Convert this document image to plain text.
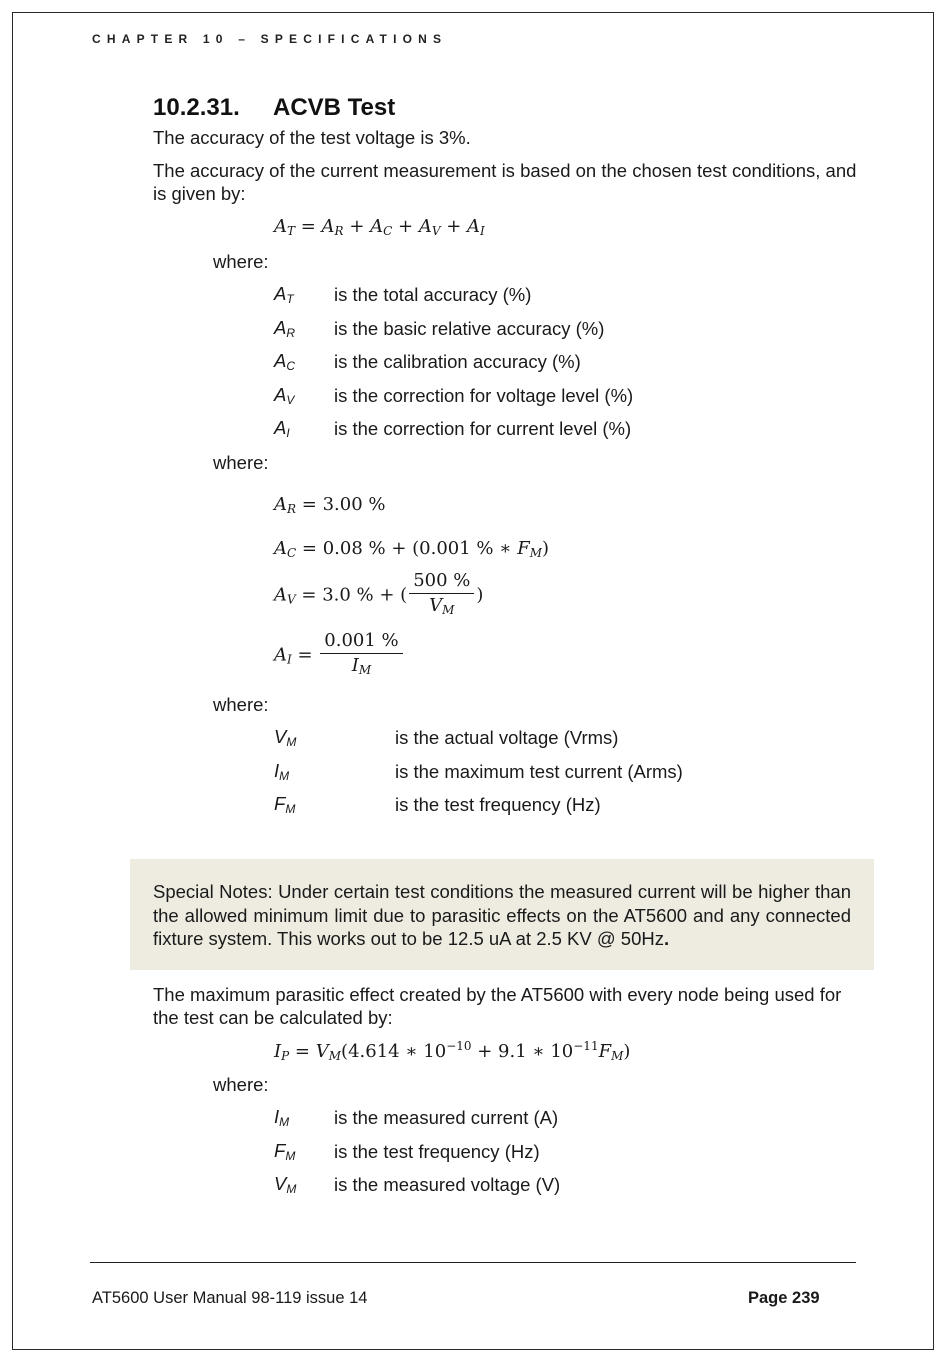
CHAPTER 10 – SPECIFICATIONS
10.2.31. ACVB Test
The accuracy of the test voltage is 3%.
The accuracy of the current measurement is based on the chosen test conditions, and is given by:
$A_T = A_R + A_C + A_V + A_I$
where:
$A_T$ is the total accuracy (%)
$A_R$ is the basic relative accuracy (%)
$A_C$ is the calibration accuracy (%)
$A_V$ is the correction for voltage level (%)
$A_I$ is the correction for current level (%)
where:
$A_R = 3.00$ %
$A_C = 0.08$ % + (0.001 % ∗ $F_M$)
$A_V = 3.0$ % + ( $\frac{500 \%}{V_M}$ )
$A_I = \frac{0.001 \%}{I_M}$
where:
$V_M$	is the actual voltage (Vrms)
$I_M$	is the maximum test current (Arms)
$F_M$	is the test frequency (Hz)
Special Notes: Under certain test conditions the measured current will be higher than the allowed minimum limit due to parasitic effects on the AT5600 and any connected fixture system. This works out to be 12.5 uA at 2.5 KV @ 50Hz.
The maximum parasitic effect created by the AT5600 with every node being used for the test can be calculated by:
$I_P = V_M(4.614$ ∗ $10^{-10} + 9.1$ ∗ $10^{-11}F_M$)
where:
$I_M$ is the measured current (A)
$F_M$ is the test frequency (Hz)
$V_M$ is the measured voltage (V)
AT5600 User Manual 98-119 issue 14	Page 239
